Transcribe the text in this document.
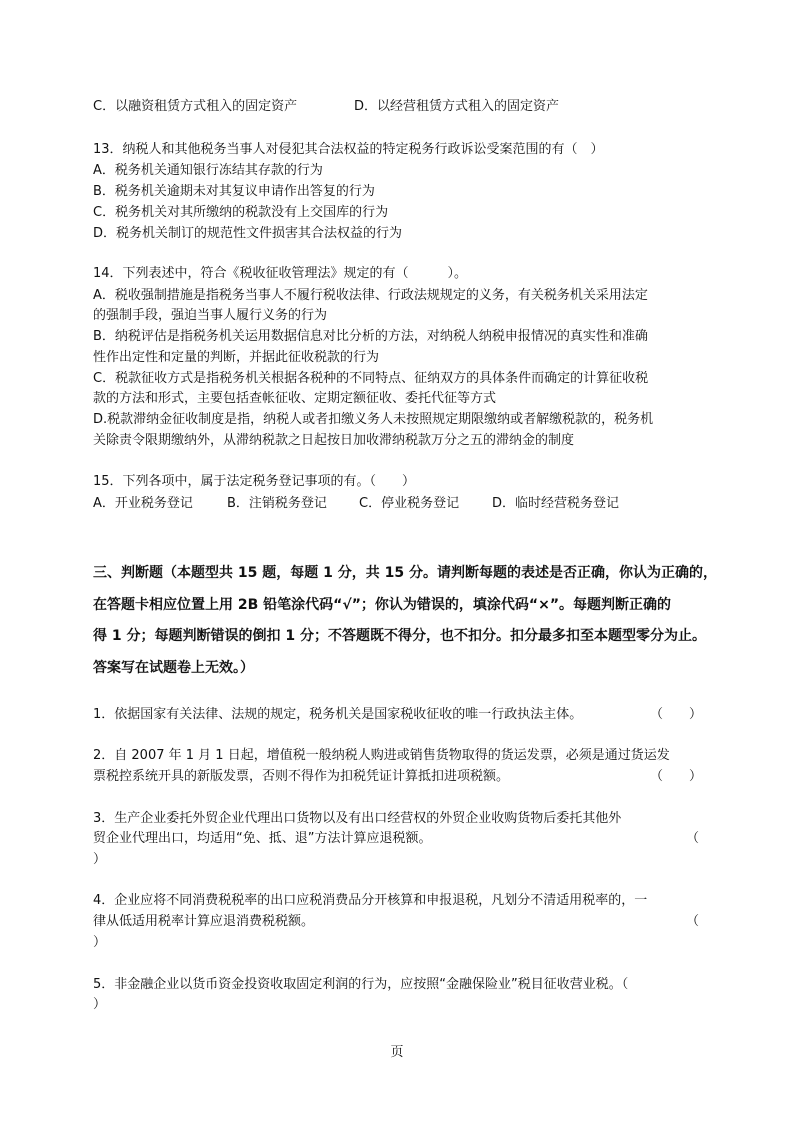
C．以融资租赁方式租入的固定资产	D．以经营租赁方式租入的固定资产
13．纳税人和其他税务当事人对侵犯其合法权益的特定税务行政诉讼受案范围的有（　）
A．税务机关通知银行冻结其存款的行为
B．税务机关逾期未对其复议申请作出答复的行为
C．税务机关对其所缴纳的税款没有上交国库的行为
D．税务机关制订的规范性文件损害其合法权益的行为
14．下列表述中，符合《税收征收管理法》规定的有（　　　）。
A．税收强制措施是指税务当事人不履行税收法律、行政法规规定的义务，有关税务机关采用法定
的强制手段，强迫当事人履行义务的行为
B．纳税评估是指税务机关运用数据信息对比分析的方法，对纳税人纳税申报情况的真实性和准确
性作出定性和定量的判断，并据此征收税款的行为
C．税款征收方式是指税务机关根据各税种的不同特点、征纳双方的具体条件而确定的计算征收税
款的方法和形式，主要包括查帐征收、定期定额征收、委托代征等方式
D.税款滞纳金征收制度是指，纳税人或者扣缴义务人未按照规定期限缴纳或者解缴税款的，税务机
关除责令限期缴纳外，从滞纳税款之日起按日加收滞纳税款万分之五的滞纳金的制度
15．下列各项中，属于法定税务登记事项的有。（　　）
A．开业税务登记	B．注销税务登记	C．停业税务登记	D．临时经营税务登记
三、判断题（本题型共 15 题，每题 1 分，共 15 分。请判断每题的表述是否正确，你认为正确的，
在答题卡相应位置上用 2B 铅笔涂代码“√”；你认为错误的，填涂代码“×”。每题判断正确的
得 1 分；每题判断错误的倒扣 1 分；不答题既不得分，也不扣分。扣分最多扣至本题型零分为止。
答案写在试题卷上无效。）
1．依据国家有关法律、法规的规定，税务机关是国家税收征收的唯一行政执法主体。	（　　）
2．自 2007 年 1 月 1 日起，增值税一般纳税人购进或销售货物取得的货运发票，必须是通过货运发
票税控系统开具的新版发票，否则不得作为扣税凭证计算抵扣进项税额。	（　　）
3．生产企业委托外贸企业代理出口货物以及有出口经营权的外贸企业收购货物后委托其他外
贸企业代理出口，均适用“免、抵、退”方法计算应退税额。	（
）
4．企业应将不同消费税税率的出口应税消费品分开核算和申报退税，凡划分不清适用税率的，一
律从低适用税率计算应退消费税税额。	（
）
5．非金融企业以货币资金投资收取固定利润的行为，应按照“金融保险业”税目征收营业税。（
）
页
